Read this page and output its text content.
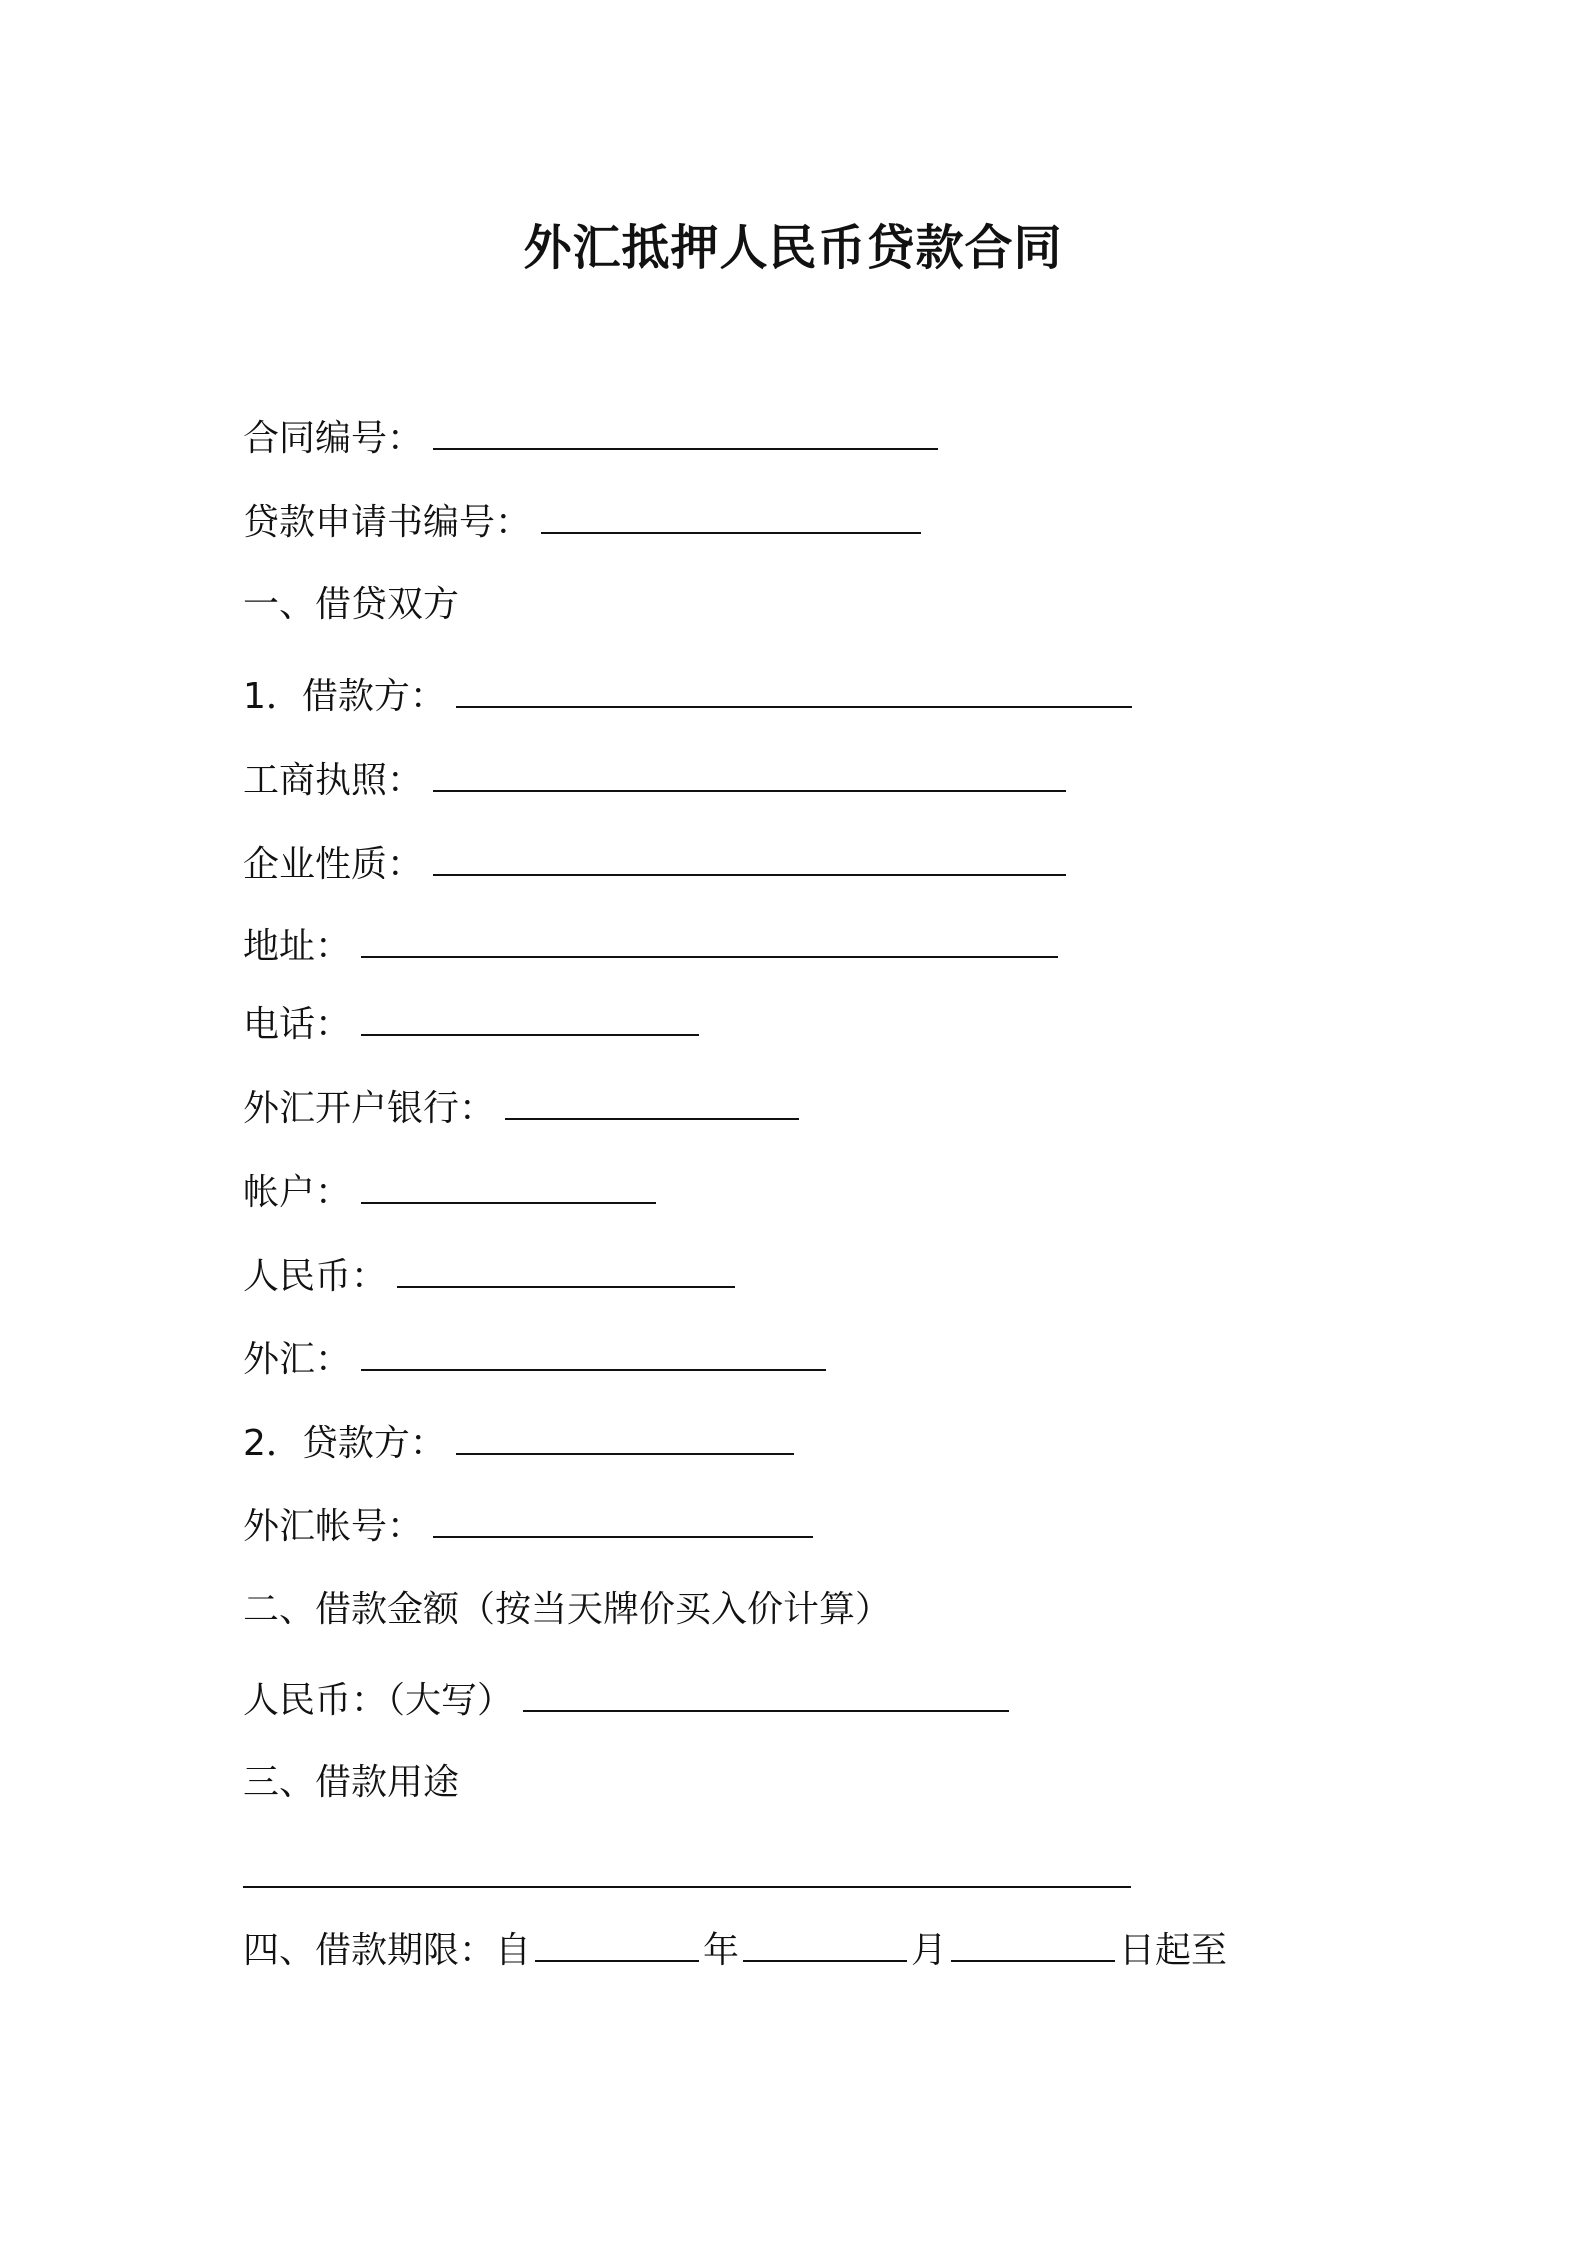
外汇抵押人民币贷款合同
合同编号：
贷款申请书编号：
一、借贷双方
1．借款方：
工商执照：
企业性质：
地址：
电话：
外汇开户银行：
帐户：
人民币：
外汇：
2．贷款方：
外汇帐号：
二、借款金额（按当天牌价买入价计算）
人民币：（大写）
三、借款用途
四、借款期限：自	年	月	日起至
